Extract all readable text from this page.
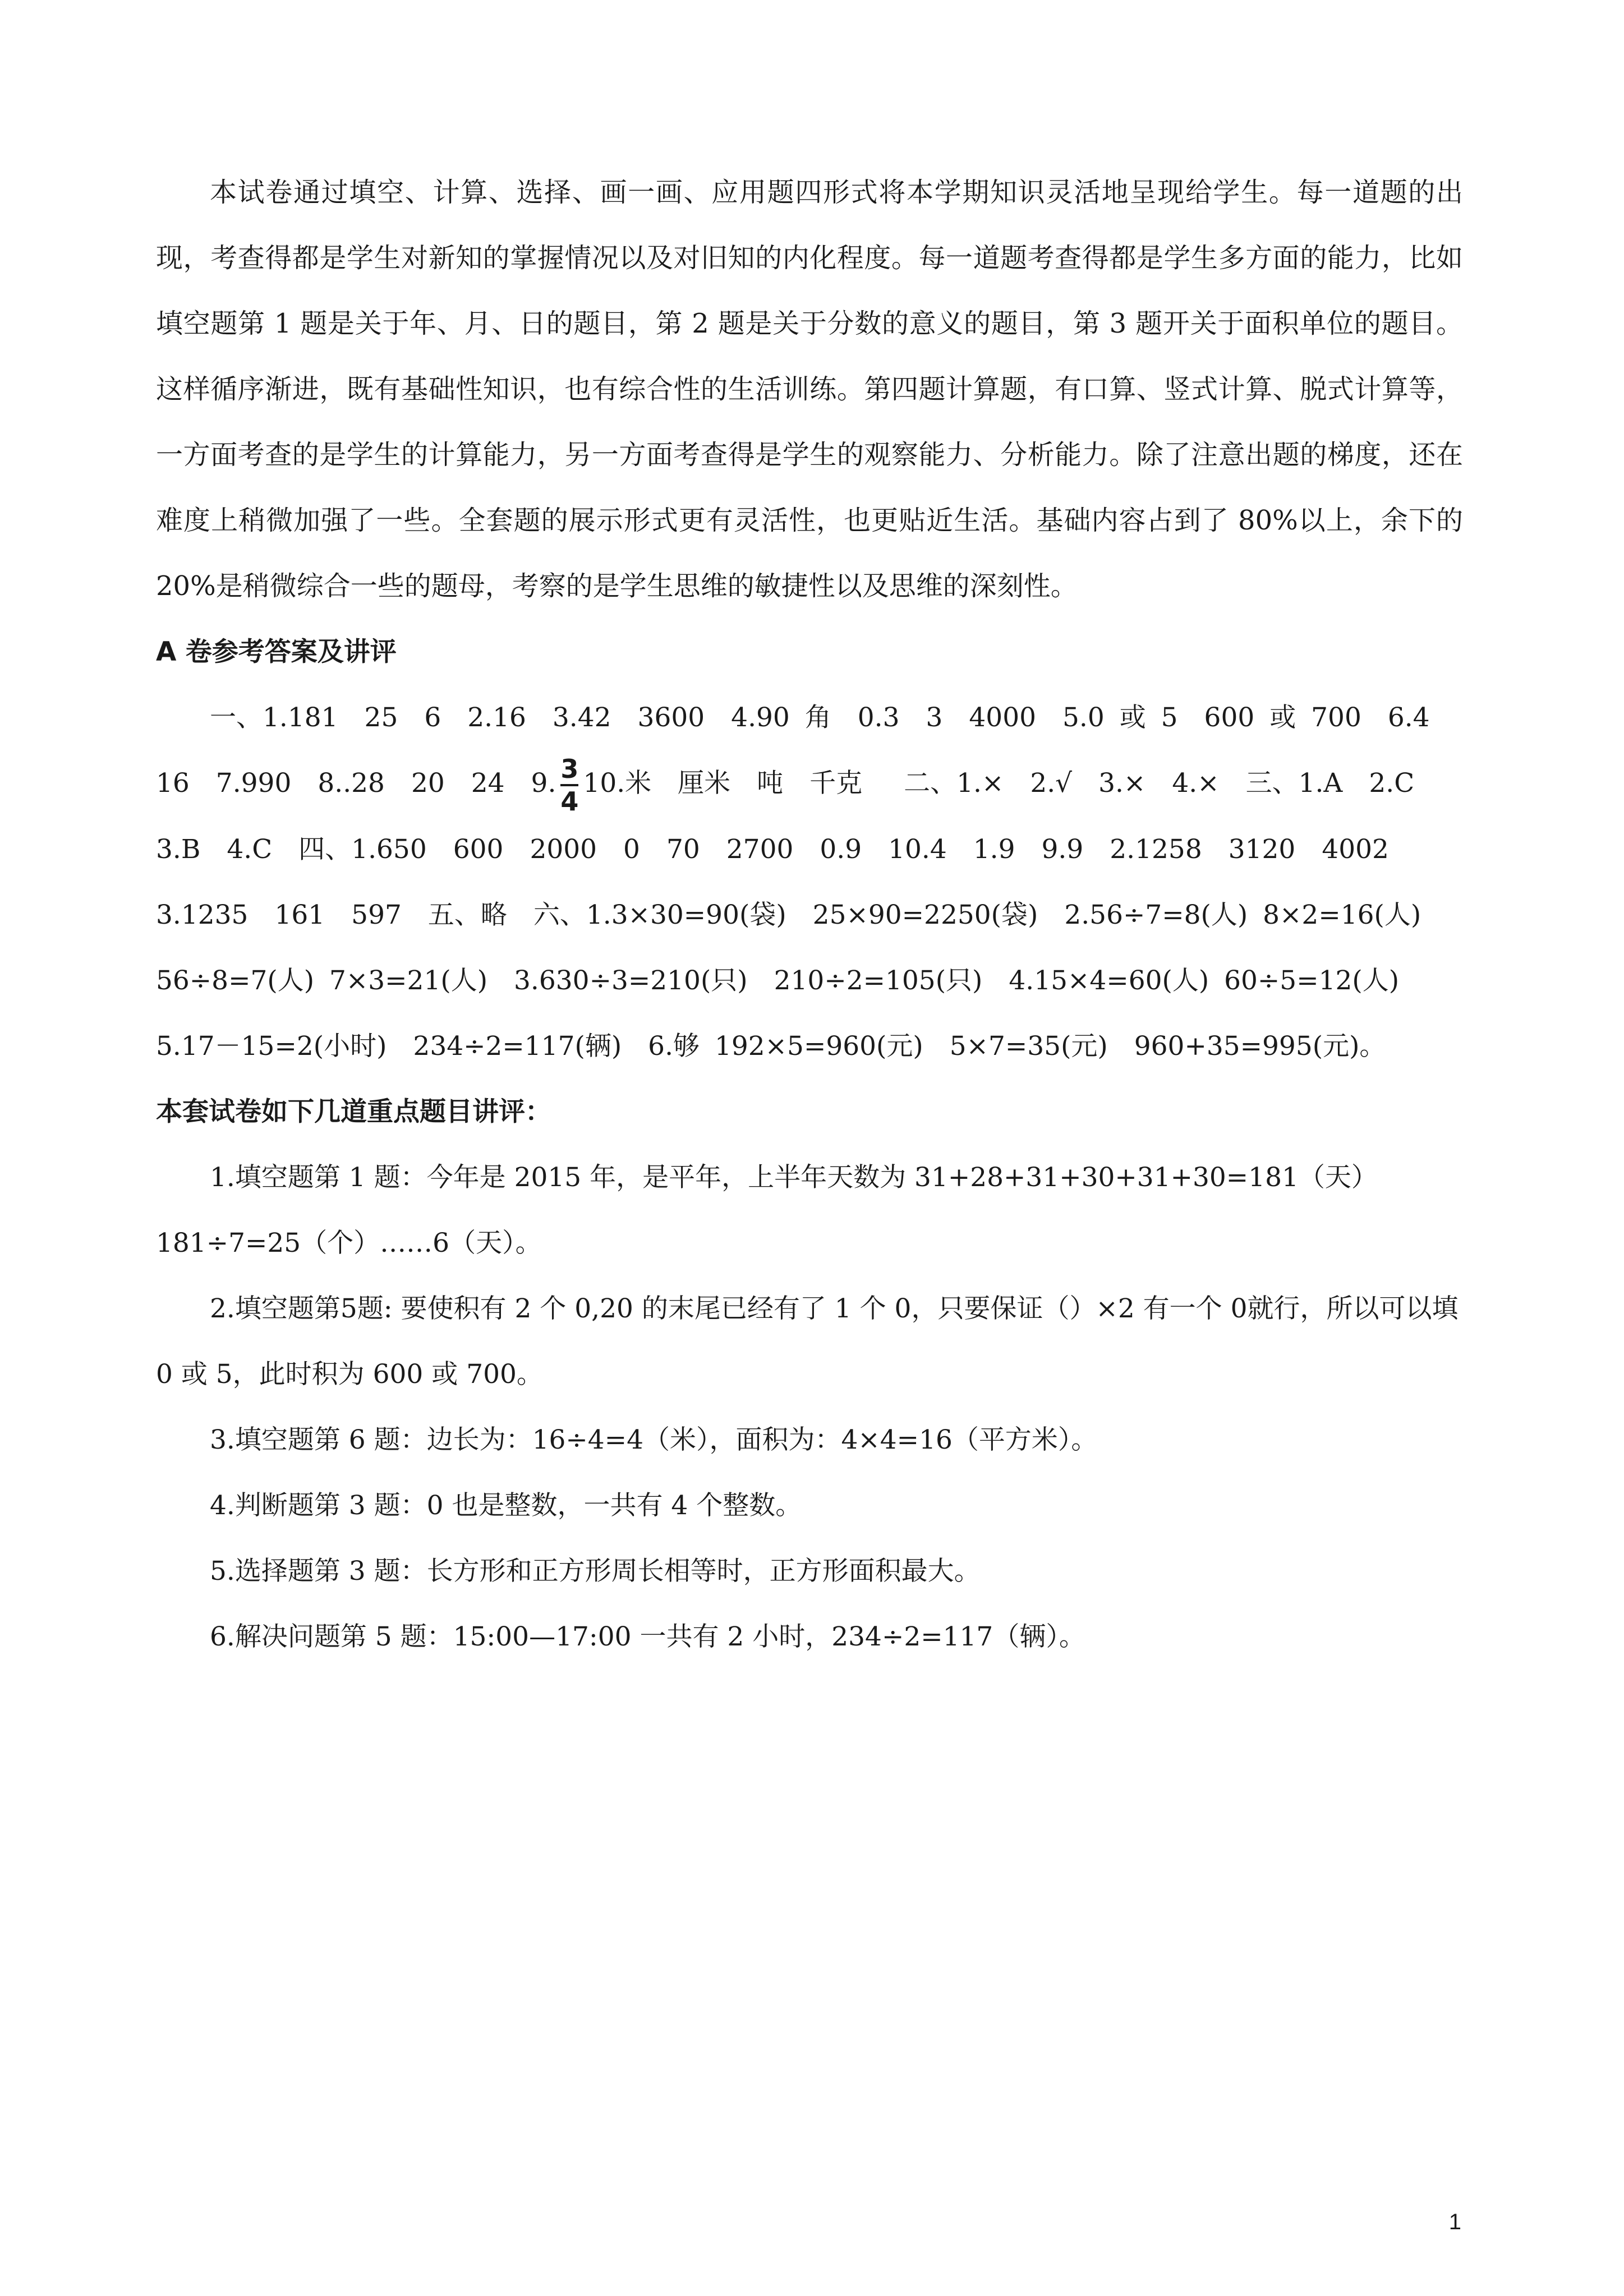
本试卷通过填空、计算、选择、画一画、应用题四形式将本学期知识灵活地呈现给学生。每一道题的出现，考查得都是学生对新知的掌握情况以及对旧知的内化程度。每一道题考查得都是学生多方面的能力，比如填空题第 1 题是关于年、月、日的题目，第 2 题是关于分数的意义的题目，第 3 题开关于面积单位的题目。这样循序渐进，既有基础性知识，也有综合性的生活训练。第四题计算题，有口算、竖式计算、脱式计算等，一方面考查的是学生的计算能力，另一方面考查得是学生的观察能力、分析能力。除了注意出题的梯度，还在难度上稍微加强了一些。全套题的展示形式更有灵活性，也更贴近生活。基础内容占到了 80%以上，余下的 20%是稍微综合一些的题母，考察的是学生思维的敏捷性以及思维的深刻性。

A 卷参考答案及讲评
一、1.181　25　6　2.16　3.42　3600　4.90 角　0.3　3　4000　5.0 或 5　600 或 700　6.4　16　7.990　8..28　20　24　9. $\frac{3}{4} 10$.米　厘米　吨　千克　 二、1.×　2.√　3.×　4.×　三、1.A　2.C　3.B　4.C　四、1.650　600　2000　0　70　2700　0.9　10.4　1.9　9.9　2.1258　3120　4002　3.1235　161　597　五、略　六、1.3×30=90(袋)　25×90=2250(袋)　2.56÷7=8(人) 8×2=16(人)　56÷8=7(人) 7×3=21(人)　3.630÷3=210(只)　210÷2=105(只)　4.15×4=60(人) 60÷5=12(人)　5.17－15=2(小时)　234÷2=117(辆)　6.够 192×5=960(元)　5×7=35(元)　960+35=995(元)。
本套试卷如下几道重点题目讲评：
1.填空题第 1 题：今年是 2015 年，是平年，上半年天数为 31+28+31+30+31+30=181（天）181÷7=25（个）……6（天）。
2.填空题第5题: 要使积有 2 个 0,20 的末尾已经有了 1 个 0，只要保证（）×2 有一个 0就行，所以可以填 0 或 5，此时积为 600 或 700。
3.填空题第 6 题：边长为：16÷4=4（米），面积为：4×4=16（平方米）。
4.判断题第 3 题：0 也是整数，一共有 4 个整数。
5.选择题第 3 题：长方形和正方形周长相等时，正方形面积最大。
6.解决问题第 5 题：15:00—17:00 一共有 2 小时，234÷2=117（辆）。
1
